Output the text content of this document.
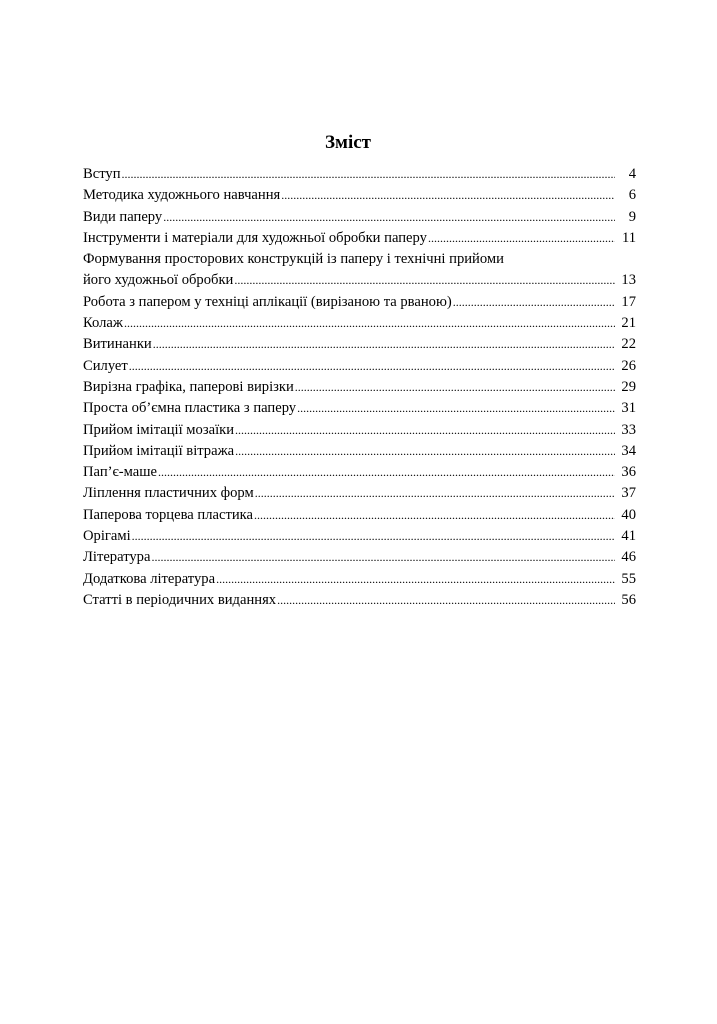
Зміст
Вступ .....	4
Методика художнього навчання .....	6
Види паперу .....	9
Інструменти і матеріали для художньої обробки паперу .....	11
Формування просторових конструкцій із паперу і технічні прийоми
його художньої обробки .....	13
Робота з папером у техніці аплікації (вирізаною та рваною) .....	17
Колаж .....	21
Витинанки .....	22
Силует .....	26
Вирізна графіка, паперові вирізки .....	29
Проста об’ємна пластика з паперу .....	31
Прийом імітації мозаїки .....	33
Прийом імітації вітража .....	34
Пап’є-маше .....	36
Ліплення пластичних форм .....	37
Паперова торцева пластика .....	40
Орігамі .....	41
Література .....	46
Додаткова література .....	55
Статті в періодичних виданнях .....	56
